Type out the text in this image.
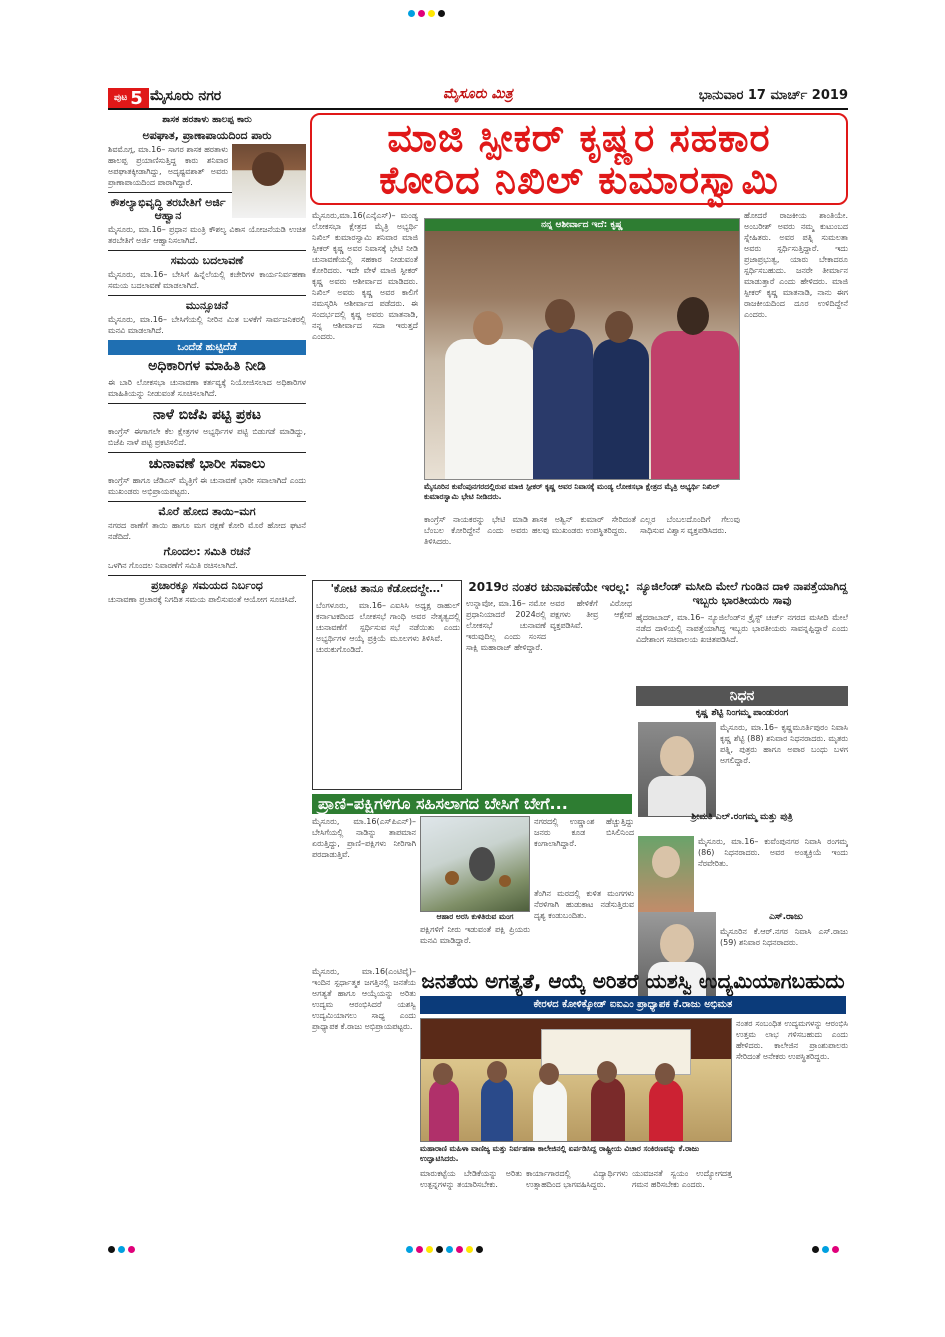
ಪುಟ 5 ಮೈಸೂರು ನಗರ	ಮೈಸೂರು ಮಿತ್ರ	ಭಾನುವಾರ 17 ಮಾರ್ಚ್ 2019
ಶಾಸಕ ಹರತಾಳು ಹಾಲಪ್ಪ ಕಾರು
ಅಪಘಾತ, ಪ್ರಾಣಾಪಾಯದಿಂದ ಪಾರು

ಶಿವಮೊಗ್ಗ, ಮಾ.16– ಸಾಗರ ಶಾಸಕ ಹರತಾಳು ಹಾಲಪ್ಪ ಪ್ರಯಾಣಿಸುತ್ತಿದ್ದ ಕಾರು ಶನಿವಾರ ಅಪಘಾತಕ್ಕೀಡಾಗಿದ್ದು, ಅದೃಷ್ಟವಶಾತ್ ಅವರು ಪ್ರಾಣಾಪಾಯದಿಂದ ಪಾರಾಗಿದ್ದಾರೆ.

ಕೌಶಲ್ಯಾಭಿವೃದ್ಧಿ ತರಬೇತಿಗೆ ಅರ್ಜಿ ಆಹ್ವಾನ

ಮೈಸೂರು, ಮಾ.16– ಪ್ರಧಾನ ಮಂತ್ರಿ ಕೌಶಲ್ಯ ವಿಕಾಸ ಯೋಜನೆಯಡಿ ಉಚಿತ ತರಬೇತಿಗೆ ಅರ್ಜಿ ಆಹ್ವಾನಿಸಲಾಗಿದೆ.

ಸಮಯ ಬದಲಾವಣೆ

ಮೈಸೂರು, ಮಾ.16– ಬೇಸಿಗೆ ಹಿನ್ನೆಲೆಯಲ್ಲಿ ಕಚೇರಿಗಳ ಕಾರ್ಯನಿರ್ವಹಣಾ ಸಮಯ ಬದಲಾವಣೆ ಮಾಡಲಾಗಿದೆ.

ಮುನ್ಸೂಚನೆ

ಮೈಸೂರು, ಮಾ.16– ಬೇಸಿಗೆಯಲ್ಲಿ ನೀರಿನ ಮಿತ ಬಳಕೆಗೆ ಸಾರ್ವಜನಿಕರಲ್ಲಿ ಮನವಿ ಮಾಡಲಾಗಿದೆ.

ಒಂದೆಡೆ ಹುಟ್ಟಿದೆಡೆ
ಅಧಿಕಾರಿಗಳ ಮಾಹಿತಿ ನೀಡಿ

ಈ ಬಾರಿ ಲೋಕಸಭಾ ಚುನಾವಣಾ ಕರ್ತವ್ಯಕ್ಕೆ ನಿಯೋಜಿಸಲಾದ ಅಧಿಕಾರಿಗಳ ಮಾಹಿತಿಯನ್ನು ನೀಡುವಂತೆ ಸೂಚಿಸಲಾಗಿದೆ.

ನಾಳೆ ಬಿಜೆಪಿ ಪಟ್ಟಿ ಪ್ರಕಟ

ಕಾಂಗ್ರೆಸ್ ಈಗಾಗಲೇ ಕೆಲ ಕ್ಷೇತ್ರಗಳ ಅಭ್ಯರ್ಥಿಗಳ ಪಟ್ಟಿ ಬಿಡುಗಡೆ ಮಾಡಿದ್ದು, ಬಿಜೆಪಿ ನಾಳೆ ಪಟ್ಟಿ ಪ್ರಕಟಿಸಲಿದೆ.

ಚುನಾವಣೆ ಭಾರೀ ಸವಾಲು

ಕಾಂಗ್ರೆಸ್ ಹಾಗೂ ಜೆಡಿಎಸ್ ಮೈತ್ರಿಗೆ ಈ ಚುನಾವಣೆ ಭಾರೀ ಸವಾಲಾಗಿದೆ ಎಂದು ಮುಖಂಡರು ಅಭಿಪ್ರಾಯಪಟ್ಟರು.

ಮೊರೆ ಹೋದ ತಾಯಿ–ಮಗ

ನಗರದ ಠಾಣೆಗೆ ತಾಯಿ ಹಾಗೂ ಮಗ ರಕ್ಷಣೆ ಕೋರಿ ಮೊರೆ ಹೋದ ಘಟನೆ ನಡೆದಿದೆ.

ಗೊಂದಲ: ಸಮಿತಿ ರಚನೆ

ಒಳಗಿನ ಗೊಂದಲ ನಿವಾರಣೆಗೆ ಸಮಿತಿ ರಚಿಸಲಾಗಿದೆ.

ಪ್ರಚಾರಕ್ಕೂ ಸಮಯದ ನಿರ್ಬಂಧ

ಚುನಾವಣಾ ಪ್ರಚಾರಕ್ಕೆ ನಿಗದಿತ ಸಮಯ ಪಾಲಿಸುವಂತೆ ಆಯೋಗ ಸೂಚಿಸಿದೆ.

ಮಾಜಿ ಸ್ಪೀಕರ್ ಕೃಷ್ಣರ ಸಹಕಾರ
ಕೋರಿದ ನಿಖಿಲ್ ಕುಮಾರಸ್ವಾಮಿ
ಮೈಸೂರು,ಮಾ.16(ಎನ್ಕೆಎಸ್)– ಮಂಡ್ಯ ಲೋಕಸಭಾ ಕ್ಷೇತ್ರದ ಮೈತ್ರಿ ಅಭ್ಯರ್ಥಿ ನಿಖಿಲ್ ಕುಮಾರಸ್ವಾಮಿ ಶನಿವಾರ ಮಾಜಿ ಸ್ಪೀಕರ್ ಕೃಷ್ಣ ಅವರ ನಿವಾಸಕ್ಕೆ ಭೇಟಿ ನೀಡಿ ಚುನಾವಣೆಯಲ್ಲಿ ಸಹಕಾರ ನೀಡುವಂತೆ ಕೋರಿದರು. ಇದೇ ವೇಳೆ ಮಾಜಿ ಸ್ಪೀಕರ್ ಕೃಷ್ಣ ಅವರು ಆಶೀರ್ವಾದ ಮಾಡಿದರು. ನಿಖಿಲ್ ಅವರು ಕೃಷ್ಣ ಅವರ ಕಾಲಿಗೆ ನಮಸ್ಕರಿಸಿ ಆಶೀರ್ವಾದ ಪಡೆದರು. ಈ ಸಂದರ್ಭದಲ್ಲಿ ಕೃಷ್ಣ ಅವರು ಮಾತನಾಡಿ, ನನ್ನ ಆಶೀರ್ವಾದ ಸದಾ ಇರುತ್ತದೆ ಎಂದರು.
ನನ್ನ ಆಶೀರ್ವಾದ ಇದೆ: ಕೃಷ್ಣ
ಮೈಸೂರಿನ ಕುವೆಂಪುನಗರದಲ್ಲಿರುವ ಮಾಜಿ ಸ್ಪೀಕರ್ ಕೃಷ್ಣ ಅವರ ನಿವಾಸಕ್ಕೆ ಮಂಡ್ಯ ಲೋಕಸಭಾ ಕ್ಷೇತ್ರದ ಮೈತ್ರಿ ಅಭ್ಯರ್ಥಿ ನಿಖಿಲ್ ಕುಮಾರಸ್ವಾಮಿ ಭೇಟಿ ನೀಡಿದರು.
ಹೋದರೆ ರಾಜಕೀಯ ಶಾಂತಿಯೇ. ಅಂಬರೀಶ್ ಅವರು ನಮ್ಮ ಕುಟುಂಬದ ಸ್ನೇಹಿತರು. ಅವರ ಪತ್ನಿ ಸುಮಲತಾ ಅವರು ಸ್ಪರ್ಧಿಸುತ್ತಿದ್ದಾರೆ. ಇದು ಪ್ರಜಾಪ್ರಭುತ್ವ, ಯಾರು ಬೇಕಾದರೂ ಸ್ಪರ್ಧಿಸಬಹುದು. ಜನರೇ ತೀರ್ಮಾನ ಮಾಡುತ್ತಾರೆ ಎಂದು ಹೇಳಿದರು. ಮಾಜಿ ಸ್ಪೀಕರ್ ಕೃಷ್ಣ ಮಾತನಾಡಿ, ನಾನು ಈಗ ರಾಜಕೀಯದಿಂದ ದೂರ ಉಳಿದಿದ್ದೇನೆ ಎಂದರು.
ಕಾಂಗ್ರೆಸ್ ನಾಯಕರನ್ನು ಭೇಟಿ ಮಾಡಿ ಬೆಂಬಲ ಕೋರಿದ್ದೇನೆ ಎಂದು ಅವರು ತಿಳಿಸಿದರು.
ಶಾಸಕ ಅಶ್ವಿನ್ ಕುಮಾರ್ ಸೇರಿದಂತೆ ಹಲವು ಮುಖಂಡರು ಉಪಸ್ಥಿತರಿದ್ದರು.
ಎಲ್ಲರ ಬೆಂಬಲದೊಂದಿಗೆ ಗೆಲುವು ಸಾಧಿಸುವ ವಿಶ್ವಾಸ ವ್ಯಕ್ತಪಡಿಸಿದರು.
'ಕೋಟಿ ತಾನೂ ಕೆಡೋದಲ್ದೇ…'
ಬೆಂಗಳೂರು, ಮಾ.16– ಕರ್ನಾಟಕದಿಂದ ಲೋಕಸಭೆ ಚುನಾವಣೆಗೆ ಸ್ಪರ್ಧಿಸುವ ಅಭ್ಯರ್ಥಿಗಳ ಆಯ್ಕೆ ಪ್ರಕ್ರಿಯೆ ಚುರುಕುಗೊಂಡಿದೆ.
ಎಐಸಿಸಿ ಅಧ್ಯಕ್ಷ ರಾಹುಲ್ ಗಾಂಧಿ ಅವರ ನೇತೃತ್ವದಲ್ಲಿ ಸಭೆ ನಡೆಯಿತು ಎಂದು ಮೂಲಗಳು ತಿಳಿಸಿವೆ.
2019ರ ನಂತರ ಚುನಾವಣೆಯೇ ಇರಲ್ಲ:
ಉನ್ನಾವೋ, ಮಾ.16– ನಮೋ ಪ್ರಧಾನಿಯಾದರೆ 2024ರಲ್ಲಿ ಲೋಕಸಭೆ ಚುನಾವಣೆ ಇರುವುದಿಲ್ಲ ಎಂದು ಸಂಸದ ಸಾಕ್ಷಿ ಮಹಾರಾಜ್ ಹೇಳಿದ್ದಾರೆ.
ಅವರ ಹೇಳಿಕೆಗೆ ವಿರೋಧ ಪಕ್ಷಗಳು ತೀವ್ರ ಆಕ್ಷೇಪ ವ್ಯಕ್ತಪಡಿಸಿವೆ.
ನ್ಯೂಜಿಲೆಂಡ್ ಮಸೀದಿ ಮೇಲೆ ಗುಂಡಿನ ದಾಳಿ ನಾಪತ್ತೆಯಾಗಿದ್ದ ಇಬ್ಬರು ಭಾರತೀಯರು ಸಾವು
ಹೈದರಾಬಾದ್, ಮಾ.16– ನ್ಯೂಜಿಲೆಂಡ್‌ನ ಕ್ರೈಸ್ಟ್ ಚರ್ಚ್ ನಗರದ ಮಸೀದಿ ಮೇಲೆ ನಡೆದ ದಾಳಿಯಲ್ಲಿ ನಾಪತ್ತೆಯಾಗಿದ್ದ ಇಬ್ಬರು ಭಾರತೀಯರು ಸಾವನ್ನಪ್ಪಿದ್ದಾರೆ ಎಂದು ವಿದೇಶಾಂಗ ಸಚಿವಾಲಯ ಖಚಿತಪಡಿಸಿದೆ.
ನಿಧನ
ಕೃಷ್ಣ ಶೆಟ್ಟಿ ನಿಂಗಮ್ಮ ಪಾಂಡುರಂಗ
ಮೈಸೂರು, ಮಾ.16– ಕೃಷ್ಣಮೂರ್ತಿಪುರಂ ನಿವಾಸಿ ಕೃಷ್ಣ ಶೆಟ್ಟಿ (88) ಶನಿವಾರ ನಿಧನರಾದರು. ಮೃತರು ಪತ್ನಿ, ಪುತ್ರರು ಹಾಗೂ ಅಪಾರ ಬಂಧು ಬಳಗ ಅಗಲಿದ್ದಾರೆ.
ಶ್ರೀಮತಿ ಎಲ್.ರಂಗಮ್ಮ ಮತ್ತು ಪುತ್ರಿ
ಮೈಸೂರು, ಮಾ.16– ಕುವೆಂಪುನಗರ ನಿವಾಸಿ ರಂಗಮ್ಮ (86) ನಿಧನರಾದರು. ಅವರ ಅಂತ್ಯಕ್ರಿಯೆ ಇಂದು ನೆರವೇರಿತು.
ಎಸ್.ರಾಜು
ಮೈಸೂರಿನ ಕೆ.ಆರ್.ನಗರ ನಿವಾಸಿ ಎಸ್.ರಾಜು (59) ಶನಿವಾರ ನಿಧನರಾದರು.
ಪ್ರಾಣಿ–ಪಕ್ಷಿಗಳಿಗೂ ಸಹಿಸಲಾಗದ ಬೇಸಿಗೆ ಬೇಗೆ...
ಮೈಸೂರು, ಮಾ.16(ಎಸ್‌ಪಿಎನ್)– ಬೇಸಿಗೆಯಲ್ಲಿ ನಾಡಿನ್ನು ತಾಪಮಾನ ಏರುತ್ತಿದ್ದು, ಪ್ರಾಣಿ–ಪಕ್ಷಿಗಳು ನೀರಿಗಾಗಿ ಪರದಾಡುತ್ತಿವೆ.
ನಗರದಲ್ಲಿ ಉಷ್ಣಾಂಶ ಹೆಚ್ಚುತ್ತಿದ್ದು ಜನರು ಕೂಡ ಬಿಸಿಲಿನಿಂದ ಕಂಗಾಲಾಗಿದ್ದಾರೆ.
ಆಹಾರ ಅರಸಿ ಕುಳಿತಿರುವ ಮಂಗ
ಪಕ್ಷಿಗಳಿಗೆ ನೀರು ಇಡುವಂತೆ ಪಕ್ಷಿ ಪ್ರಿಯರು ಮನವಿ ಮಾಡಿದ್ದಾರೆ.
ತೆಂಗಿನ ಮರದಲ್ಲಿ ಕುಳಿತ ಮಂಗಗಳು ನೆರಳಿಗಾಗಿ ಹುಡುಕಾಟ ನಡೆಸುತ್ತಿರುವ ದೃಶ್ಯ ಕಂಡುಬಂದಿತು.
ಜನತೆಯ ಅಗತ್ಯತೆ, ಆಯ್ಕೆ ಅರಿತರೆ ಯಶಸ್ವಿ ಉದ್ಯಮಿಯಾಗಬಹುದು
ಕೇರಳದ ಕೋಳಿಕ್ಕೋಡ್ ಐಐಎಂ ಪ್ರಾಧ್ಯಾಪಕ ಕೆ.ರಾಜು ಅಭಿಮತ
ಮೈಸೂರು, ಮಾ.16(ಎಂಟಿವೈ)– ಇಂದಿನ ಸ್ಪರ್ಧಾತ್ಮಕ ಜಗತ್ತಿನಲ್ಲಿ ಜನತೆಯ ಅಗತ್ಯತೆ ಹಾಗೂ ಆಯ್ಕೆಯನ್ನು ಅರಿತು ಉದ್ಯಮ ಆರಂಭಿಸಿದರೆ ಯಶಸ್ವಿ ಉದ್ಯಮಿಯಾಗಲು ಸಾಧ್ಯ ಎಂದು ಪ್ರಾಧ್ಯಾಪಕ ಕೆ.ರಾಜು ಅಭಿಪ್ರಾಯಪಟ್ಟರು.
ಮಹಾರಾಣಿ ಮಹಿಳಾ ವಾಣಿಜ್ಯ ಮತ್ತು ನಿರ್ವಹಣಾ ಕಾಲೇಜಿನಲ್ಲಿ ಏರ್ಪಡಿಸಿದ್ದ ರಾಷ್ಟ್ರೀಯ ವಿಚಾರ ಸಂಕಿರಣವನ್ನು ಕೆ.ರಾಜು ಉದ್ಘಾಟಿಸಿದರು.
ನಂತರ ಸಂಬಂಧಿತ ಉದ್ಯಮಗಳನ್ನು ಆರಂಭಿಸಿ ಉತ್ತಮ ಲಾಭ ಗಳಿಸಬಹುದು ಎಂದು ಹೇಳಿದರು. ಕಾಲೇಜಿನ ಪ್ರಾಂಶುಪಾಲರು ಸೇರಿದಂತೆ ಅನೇಕರು ಉಪಸ್ಥಿತರಿದ್ದರು.
ಮಾರುಕಟ್ಟೆಯ ಬೇಡಿಕೆಯನ್ನು ಅರಿತು ಉತ್ಪನ್ನಗಳನ್ನು ತಯಾರಿಸಬೇಕು.
ಕಾರ್ಯಾಗಾರದಲ್ಲಿ ವಿದ್ಯಾರ್ಥಿಗಳು ಉತ್ಸಾಹದಿಂದ ಭಾಗವಹಿಸಿದ್ದರು.
ಯುವಜನತೆ ಸ್ವಯಂ ಉದ್ಯೋಗದತ್ತ ಗಮನ ಹರಿಸಬೇಕು ಎಂದರು.
